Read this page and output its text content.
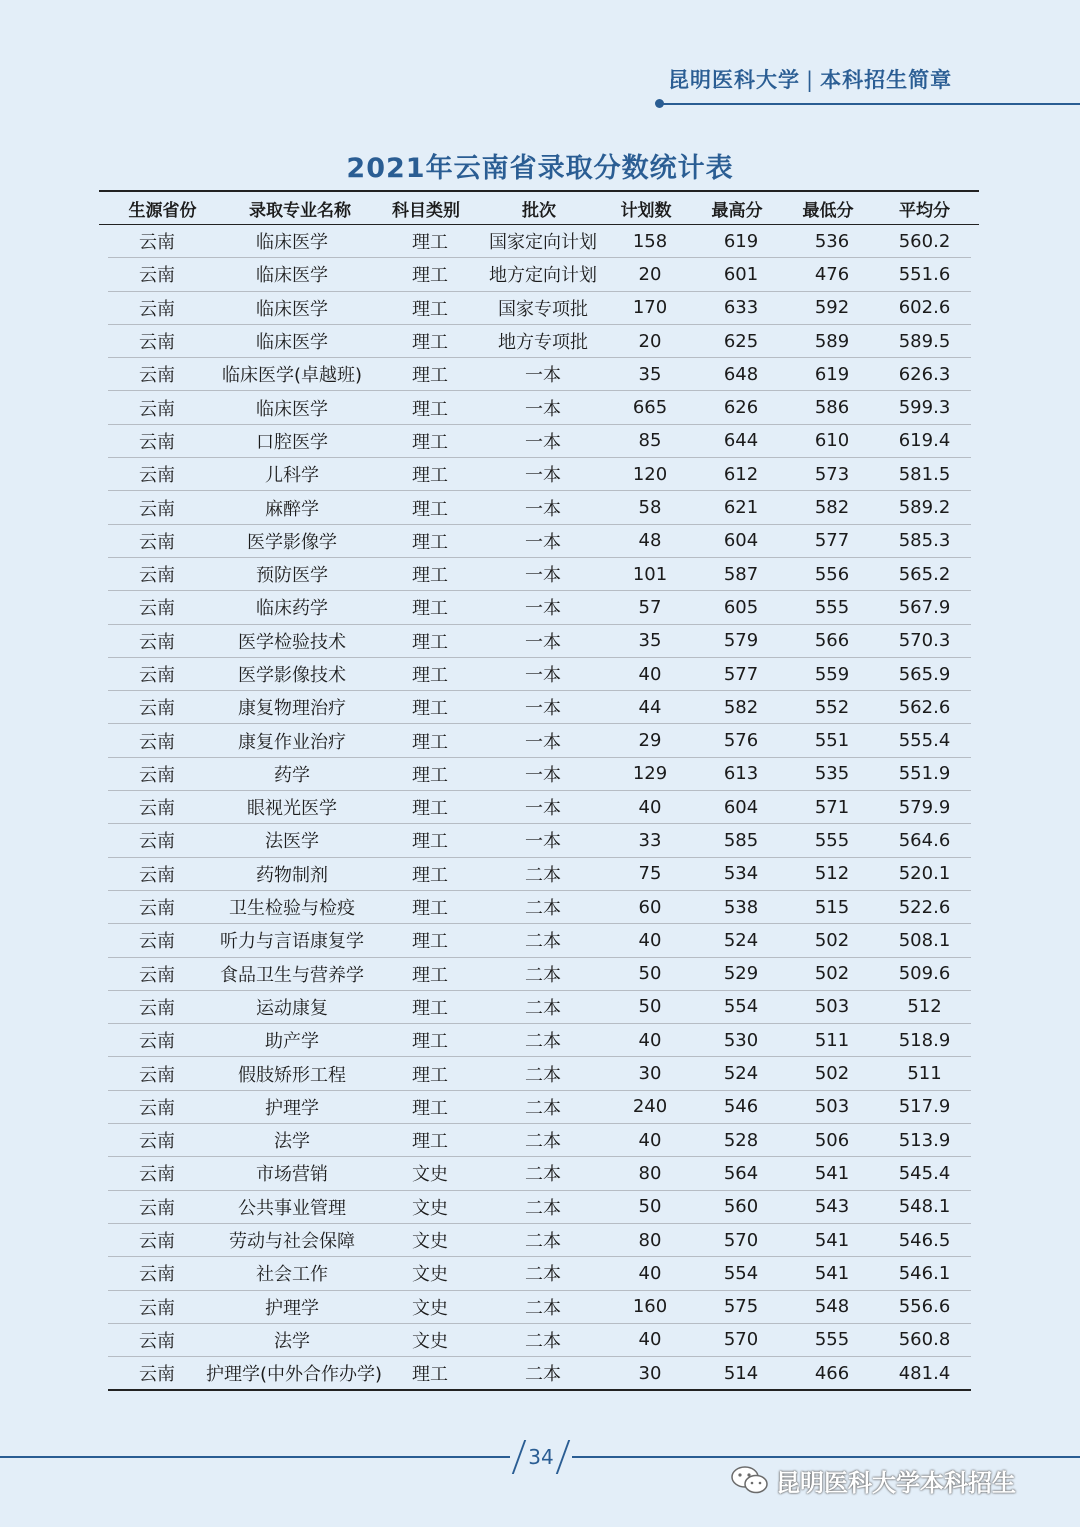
昆明医科大学 | 本科招生简章
2021年云南省录取分数统计表
生源省份	录取专业名称	科目类别	批次	计划数	最高分	最低分	平均分
云南	临床医学	理工	国家定向计划	158	619	536	560.2
云南	临床医学	理工	地方定向计划	20	601	476	551.6
云南	临床医学	理工	国家专项批	170	633	592	602.6
云南	临床医学	理工	地方专项批	20	625	589	589.5
云南	临床医学(卓越班)	理工	一本	35	648	619	626.3
云南	临床医学	理工	一本	665	626	586	599.3
云南	口腔医学	理工	一本	85	644	610	619.4
云南	儿科学	理工	一本	120	612	573	581.5
云南	麻醉学	理工	一本	58	621	582	589.2
云南	医学影像学	理工	一本	48	604	577	585.3
云南	预防医学	理工	一本	101	587	556	565.2
云南	临床药学	理工	一本	57	605	555	567.9
云南	医学检验技术	理工	一本	35	579	566	570.3
云南	医学影像技术	理工	一本	40	577	559	565.9
云南	康复物理治疗	理工	一本	44	582	552	562.6
云南	康复作业治疗	理工	一本	29	576	551	555.4
云南	药学	理工	一本	129	613	535	551.9
云南	眼视光医学	理工	一本	40	604	571	579.9
云南	法医学	理工	一本	33	585	555	564.6
云南	药物制剂	理工	二本	75	534	512	520.1
云南	卫生检验与检疫	理工	二本	60	538	515	522.6
云南	听力与言语康复学	理工	二本	40	524	502	508.1
云南	食品卫生与营养学	理工	二本	50	529	502	509.6
云南	运动康复	理工	二本	50	554	503	512
云南	助产学	理工	二本	40	530	511	518.9
云南	假肢矫形工程	理工	二本	30	524	502	511
云南	护理学	理工	二本	240	546	503	517.9
云南	法学	理工	二本	40	528	506	513.9
云南	市场营销	文史	二本	80	564	541	545.4
云南	公共事业管理	文史	二本	50	560	543	548.1
云南	劳动与社会保障	文史	二本	80	570	541	546.5
云南	社会工作	文史	二本	40	554	541	546.1
云南	护理学	文史	二本	160	575	548	556.6
云南	法学	文史	二本	40	570	555	560.8
云南	护理学(中外合作办学)	理工	二本	30	514	466	481.4
34
昆明医科大学本科招生
